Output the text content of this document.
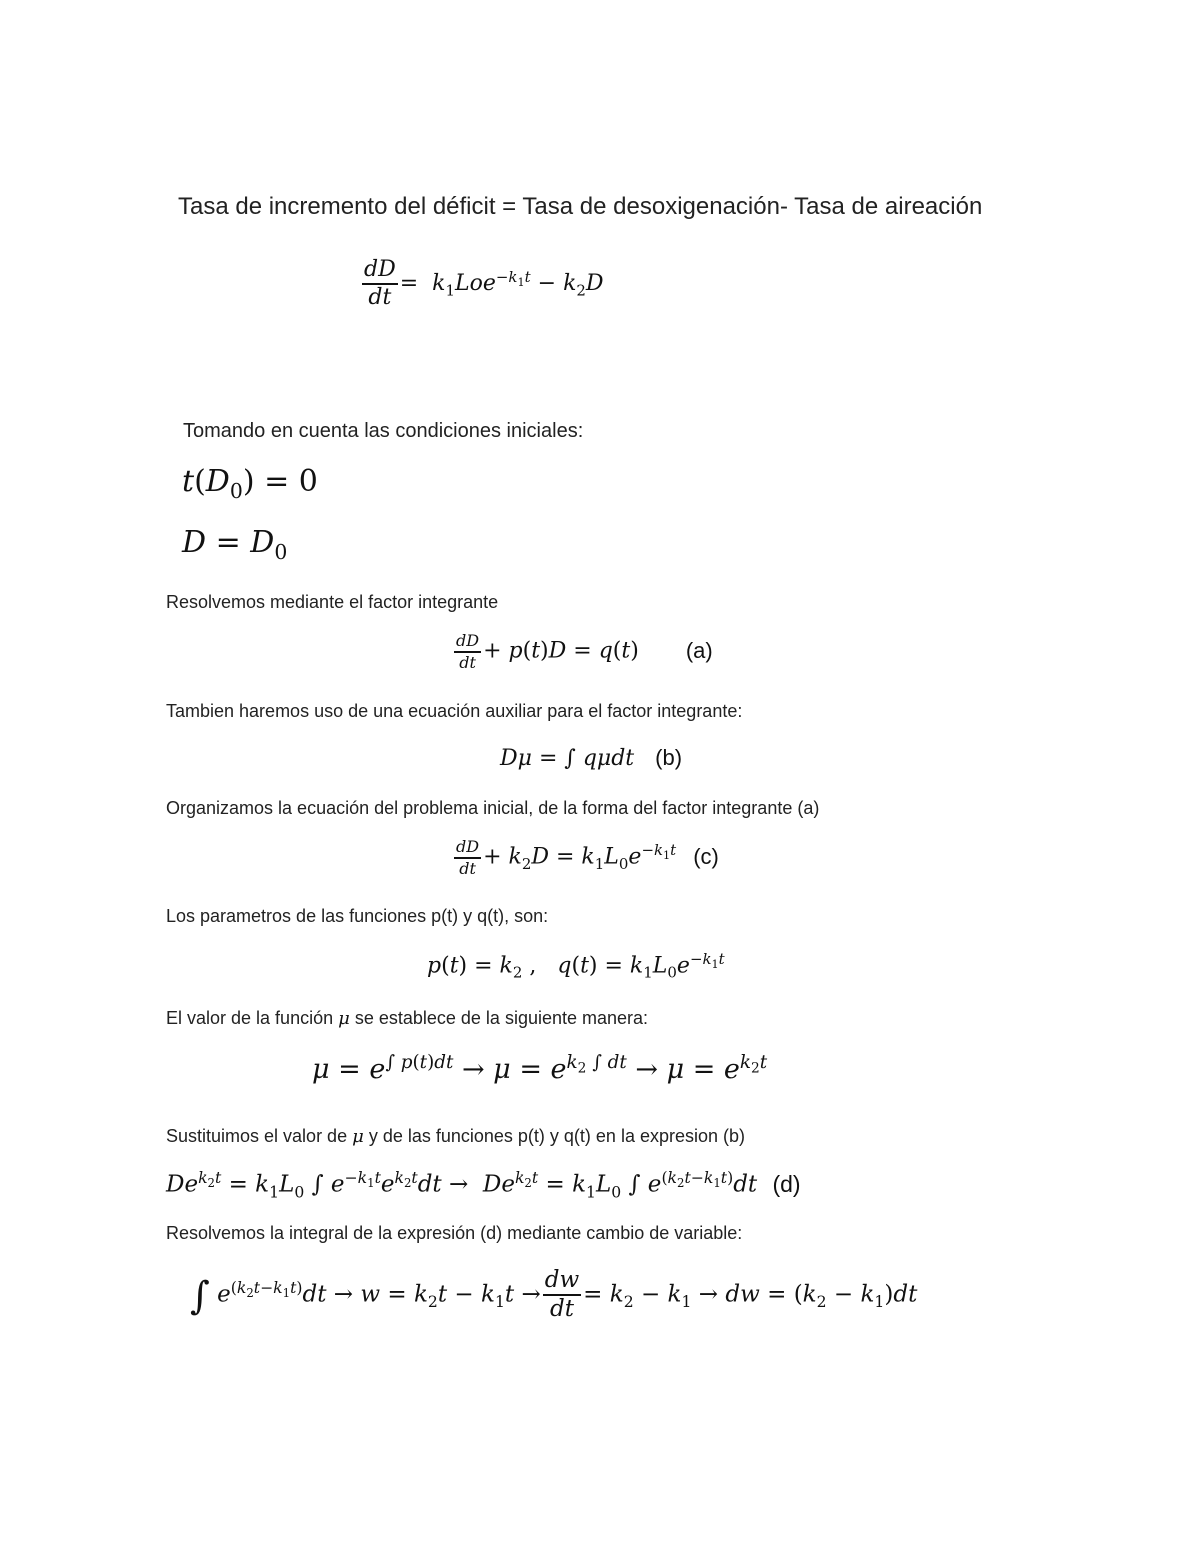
Tasa de incremento del déficit = Tasa de desoxigenación- Tasa de aireación
$\frac{dD}{dt} = k_1Loe^{-k_1t} - k_2D$
Tomando en cuenta las condiciones iniciales:
$t(D_0) = 0$
$D = D_0$
Resolvemos mediante el factor integrante
$\frac{dD}{dt} + p(t)D = q(t)$ (a)
Tambien haremos uso de una ecuación auxiliar para el factor integrante:
Dμ = ∫ qμdt (b)
Organizamos la ecuación del problema inicial, de la forma del factor integrante (a)
$\frac{dD}{dt} + k_2D = k_1L_0e^{-k_1t}$ (c)
Los parametros de las funciones p(t) y q(t), son:
$p(t) = k_2$ ,   $q(t) = k_1L_0e^{-k_1t}$
El valor de la función μ se establece de la siguiente manera:
$\mu = e^{\int p(t)dt} \to \mu = e^{k_2 \int dt} \to \mu = e^{k_2t}$
Sustituimos el valor de μ y de las funciones p(t) y q(t) en la expresion (b)
$De^{k_2t} = k_1L_0$ ∫ $e^{-k_1t}e^{k_2t}dt \to De^{k_2t} = k_1L_0$ ∫ $e^{(k_2t-k_1t)}dt$ (d)
Resolvemos la integral de la expresión (d) mediante cambio de variable:
∫ $e^{(k_2t-k_1t)}dt \to w = k_2t - k_1t \to \frac{dw}{dt} = k_2 - k_1$ → dw = $(k_2 - k_1)dt$
